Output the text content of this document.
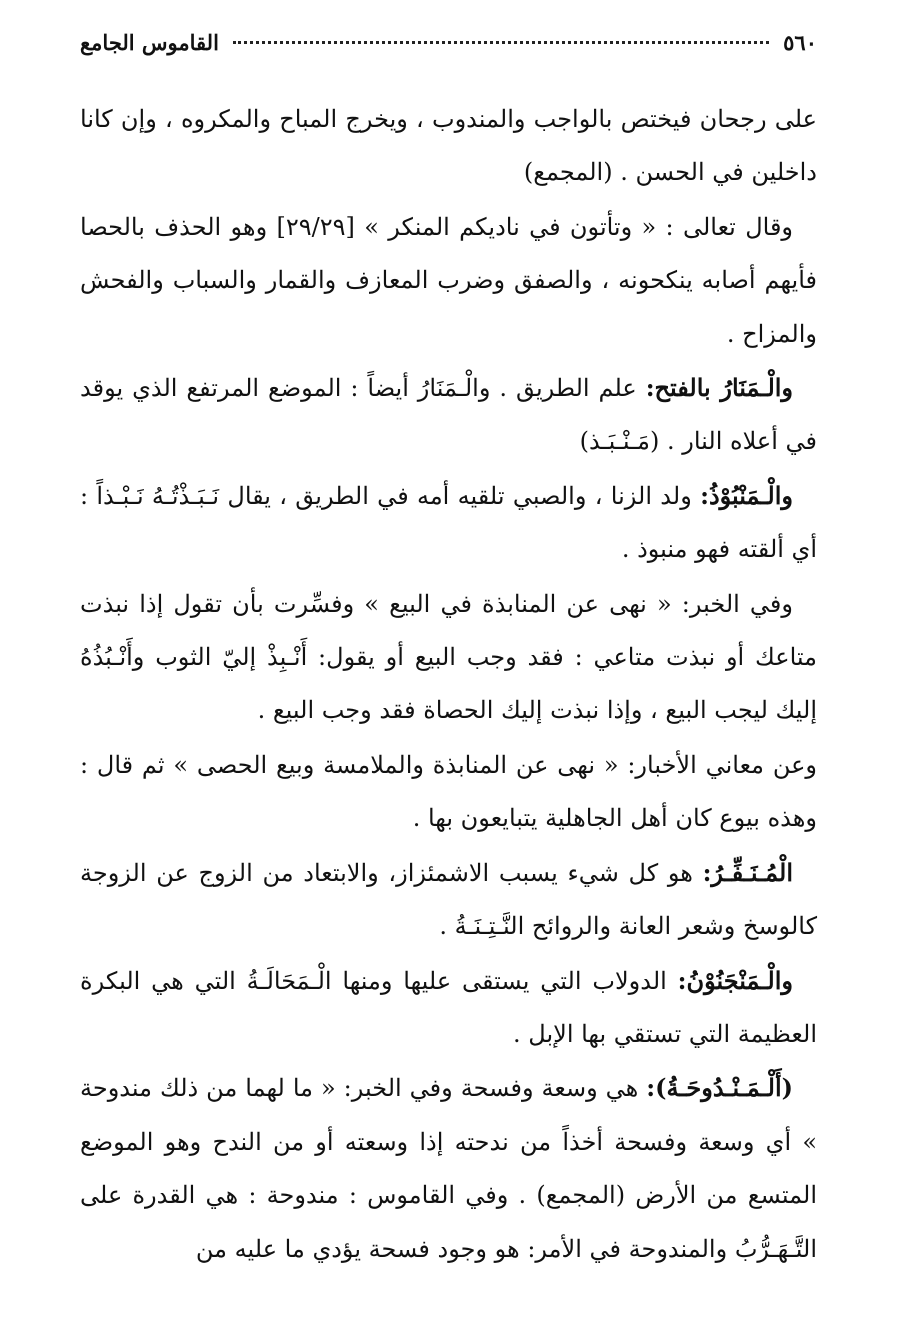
٥٦٠
القاموس الجامع

على رجحان فيختص بالواجب والمندوب ، ويخرج المباح والمكروه ، وإن كانا داخلين في الحسن . (المجمع)

وقال تعالى : « وتأتون في ناديكم المنكر » [٢٩/٢٩] وهو الحذف بالحصا فأيهم أصابه ينكحونه ، والصفق وضرب المعازف والقمار والسباب والفحش والمزاح .

والْـمَنَارُ بالفتح: علم الطريق . والْـمَنَارُ أيضاً : الموضع المرتفع الذي يوقد في أعلاه النار . (مَـنْـبَـذ)

والْـمَنْبُوْذُ: ولد الزنا ، والصبي تلقيه أمه في الطريق ، يقال نَـبَـذْتُـهُ نَـبْـذاً : أي ألقته فهو منبوذ .

وفي الخبر: « نهى عن المنابذة في البيع » وفسِّرت بأن تقول إذا نبذت متاعك أو نبذت متاعي : فقد وجب البيع أو يقول: أَنْـبِذْ إليّ الثوب وأَنْـبُذُهُ إليك ليجب البيع ، وإذا نبذت إليك الحصاة فقد وجب البيع .

وعن معاني الأخبار: « نهى عن المنابذة والملامسة وبيع الحصى » ثم قال : وهذه بيوع كان أهل الجاهلية يتبايعون بها .

الْمُـنَـفِّـرُ: هو كل شيء يسبب الاشمئزاز، والابتعاد من الزوج عن الزوجة كالوسخ وشعر العانة والروائح النَّـتِـنَـةُ .

والْـمَنْجَنُوْنُ: الدولاب التي يستقى عليها ومنها الْـمَحَالَـةُ التي هي البكرة العظيمة التي تستقي بها الإبل .

(أَلْـمَـنْـدُوحَـةُ): هي وسعة وفسحة وفي الخبر: « ما لهما من ذلك مندوحة » أي وسعة وفسحة أخذاً من ندحته إذا وسعته أو من الندح وهو الموضع المتسع من الأرض (المجمع) . وفي القاموس : مندوحة : هي القدرة على التَّـهَـرُّبُ والمندوحة في الأمر: هو وجود فسحة يؤدي ما عليه من
